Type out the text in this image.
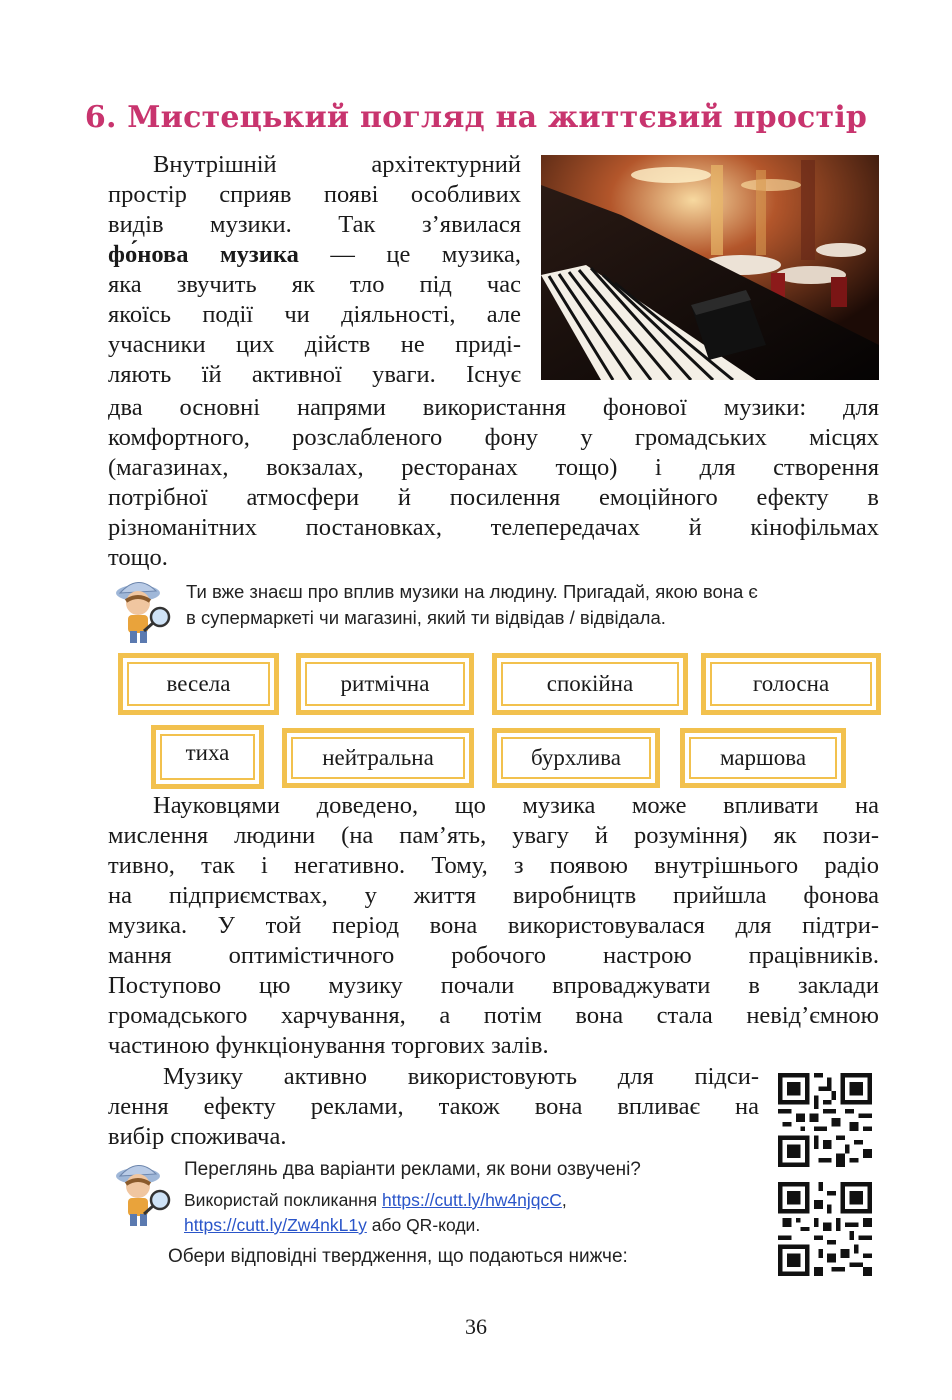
6. Мистецький погляд на життєвий простір
Внутрішній архітектурний
простір сприяв появі особливих
видів музики. Так з’явилася
фо́нова музика — це музика,
яка звучить як тло під час
якоїсь події чи діяльності, але
учасники цих дійств не приді-
ляють їй активної уваги. Існує
два основні напрями використання фонової музики: для
комфортного, розслабленого фону у громадських місцях
(магазинах, вокзалах, ресторанах тощо) і для створення
потрібної атмосфери й посилення емоційного ефекту в
різноманітних постановках, телепередачах й кінофільмах
тощо.
Ти вже знаєш про вплив музики на людину. Пригадай, якою вона є
в супермаркеті чи магазині, який ти відвідав / відвідала.
весела	ритмічна	спокійна	голосна
тиха	нейтральна	бурхлива	маршова
Науковцями доведено, що музика може впливати на
мислення людини (на пам’ять, увагу й розуміння) як пози-
тивно, так і негативно. Тому, з появою внутрішнього радіо
на підприємствах, у життя виробництв прийшла фонова
музика. У той період вона використовувалася для підтри-
мання оптимістичного робочого настрою працівників.
Поступово цю музику почали впроваджувати в заклади
громадського харчування, а потім вона стала невід’ємною
частиною функціонування торгових залів.
Музику активно використовують для підси-
лення ефекту реклами, також вона впливає на
вибір споживача.
Переглянь два варіанти реклами, як вони озвучені?
Використай покликання https://cutt.ly/hw4njqcC,
https://cutt.ly/Zw4nkL1y або QR-коди.
Обери відповідні твердження, що подаються нижче:
36
